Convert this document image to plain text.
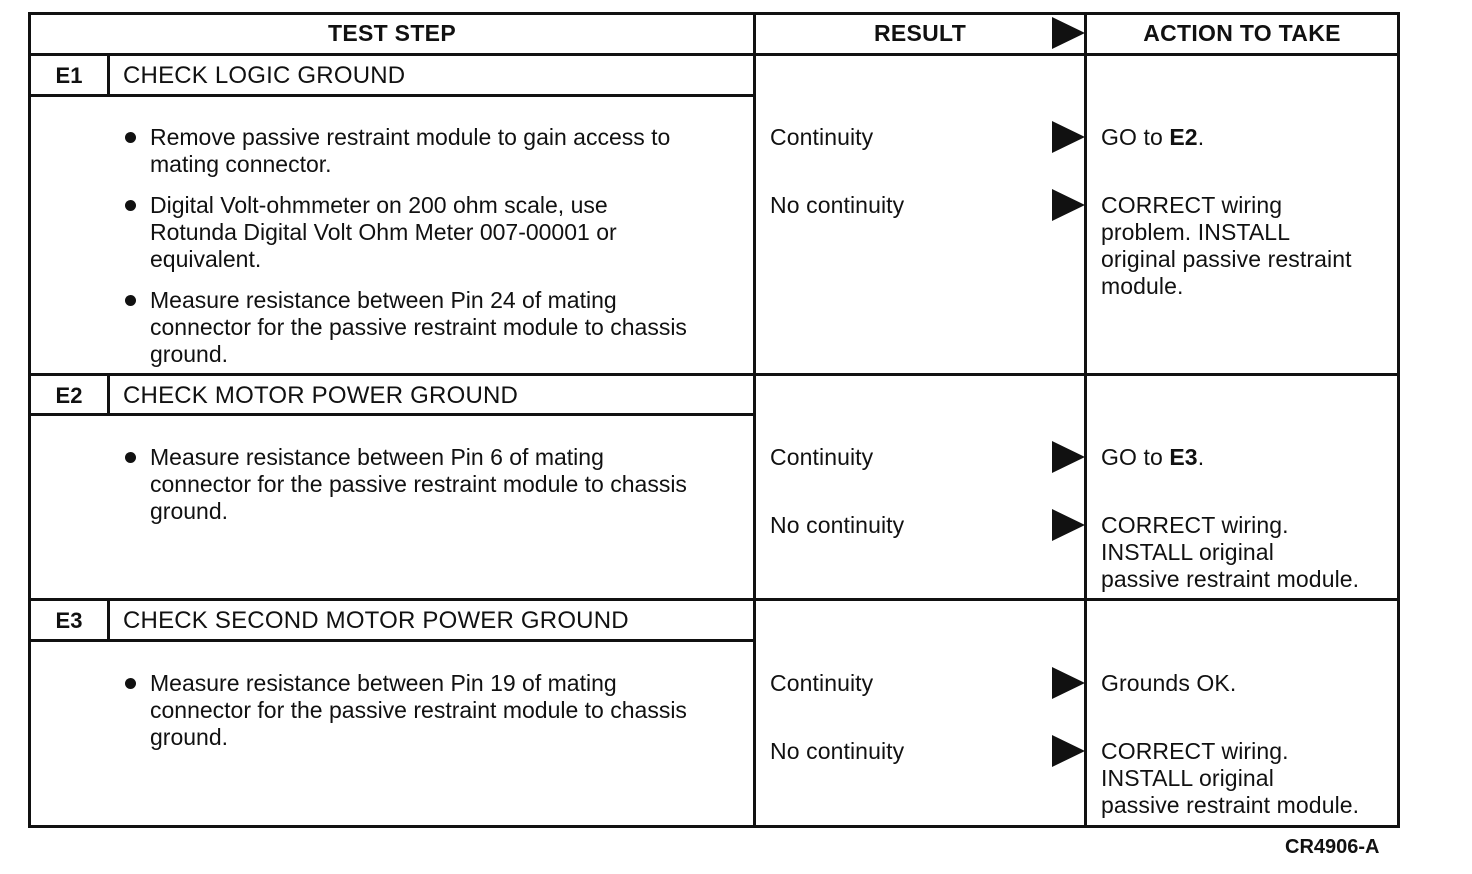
TEST STEP	RESULT	ACTION TO TAKE
E1	CHECK LOGIC GROUND
Remove passive restraint module to gain access to mating connector.
Digital Volt-ohmmeter on 200 ohm scale, use Rotunda Digital Volt Ohm Meter 007-00001 or equivalent.
Measure resistance between Pin 24 of mating connector for the passive restraint module to chassis ground.
Continuity	GO to E2.
No continuity	CORRECT wiring
problem. INSTALL
original passive restraint
module.
E2	CHECK MOTOR POWER GROUND
Measure resistance between Pin 6 of mating connector for the passive restraint module to chassis ground.
Continuity	GO to E3.
No continuity	CORRECT wiring.
INSTALL original
passive restraint module.
E3	CHECK SECOND MOTOR POWER GROUND
Measure resistance between Pin 19 of mating connector for the passive restraint module to chassis ground.
Continuity	Grounds OK.
No continuity	CORRECT wiring.
INSTALL original
passive restraint module.
CR4906-A
